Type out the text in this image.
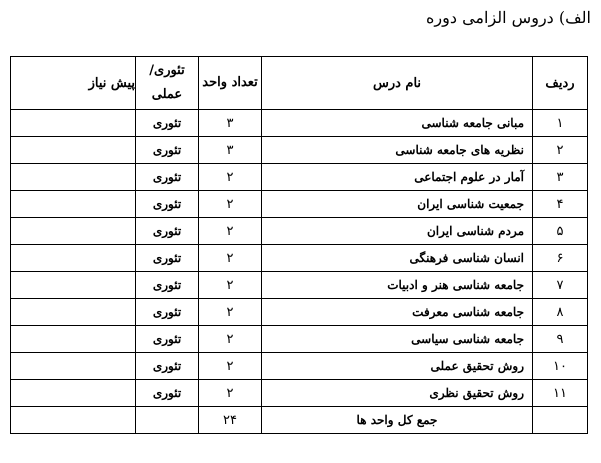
الف) دروس الزامی دوره
ردیف	نام درس	تعداد واحد	تئوری/ عملی	پیش نیاز
۱	مبانی جامعه شناسی	۳	تئوری	
۲	نظریه های جامعه شناسی	۳	تئوری	
۳	آمار در علوم اجتماعی	۲	تئوری	
۴	جمعیت شناسی ایران	۲	تئوری	
۵	مردم شناسی ایران	۲	تئوری	
۶	انسان شناسی فرهنگی	۲	تئوری	
۷	جامعه شناسی هنر و ادبیات	۲	تئوری	
۸	جامعه شناسی معرفت	۲	تئوری	
۹	جامعه شناسی سیاسی	۲	تئوری	
۱۰	روش تحقیق عملی	۲	تئوری	
۱۱	روش تحقیق نظری	۲	تئوری	
	جمع کل واحد ها	۲۴		
